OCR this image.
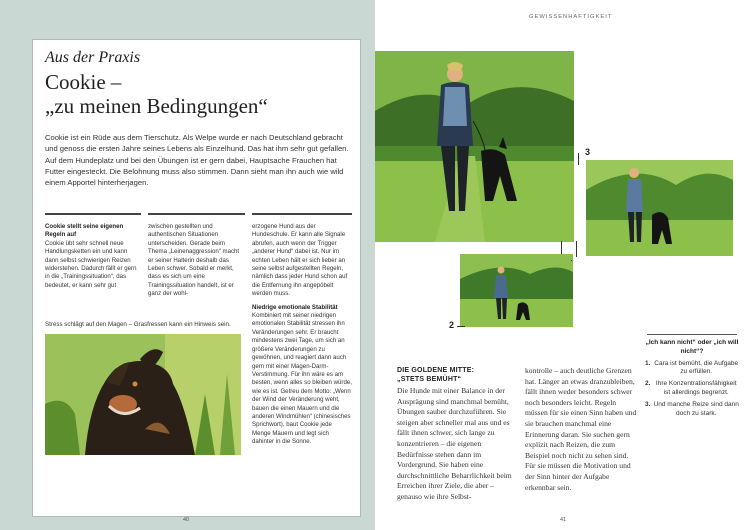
Aus der Praxis
Cookie –
„zu meinen Bedingungen“
Cookie ist ein Rüde aus dem Tierschutz. Als Welpe wurde er nach Deutschland gebracht und genoss die ersten Jahre seines Lebens als Einzelhund. Das hat ihm sehr gut gefallen. Auf dem Hundeplatz und bei den Übungen ist er gern dabei, Hauptsache Frauchen hat Futter eingesteckt. Die Belohnung muss also stimmen. Dann sieht man ihn auch wie wild einem Apportel hinterherjagen.
Cookie stellt seine eigenen Regeln auf
Cookie übt sehr schnell neue Handlungsketten ein und kann dann selbst schwierigen Reizen widerstehen. Dadurch fällt er gern in die „Trainingssituation“, das bedeutet, er kann sehr gut
zwischen gestellten und authentischen Situationen unterscheiden. Gerade beim Thema „Leinenaggression“ macht er seiner Halterin deshalb das Leben schwer. Sobald er merkt, dass es sich um eine Trainingssituation handelt, ist er ganz der wohl-
erzogene Hund aus der Hundeschule. Er kann alle Signale abrufen, auch wenn der Trigger „anderer Hund“ dabei ist. Nur im echten Leben hält er sich lieber an seine selbst aufgestellten Regeln, nämlich dass jeder Hund schon auf die Entfernung ihn angepöbelt werden muss.
Niedrige emotionale Stabilität
Kombiniert mit seiner niedrigen emotionalen Stabilität stressen ihn Veränderungen sehr. Er braucht mindestens zwei Tage, um sich an größere Veränderungen zu gewöhnen, und reagiert dann auch gern mit einer Magen-Darm-Verstimmung. Für ihn wäre es am besten, wenn alles so bleiben würde, wie es ist. Getreu dem Motto: „Wenn der Wind der Veränderung weht, bauen die einen Mauern und die anderen Windmühlen“ (chinesisches Sprichwort), baut Cookie jede Menge Mauern und legt sich dahinter in die Sonne.
Stress schlägt auf den Magen – Grasfressen kann ein Hinweis sein.
40
GEWISSENHAFTIGKEIT
2
3
„Ich kann nicht“ oder „ich will nicht“?
1. Cara ist bemüht, die Aufgabe zu erfüllen.
2. Ihre Konzentrationsfähigkeit ist allerdings begrenzt.
3. Und manche Reize sind dann doch zu stark.
DIE GOLDENE MITTE:
„STETS BEMÜHT“
Die Hunde mit einer Balance in der Ausprägung sind manchmal bemüht, Übungen sauber durchzuführen. Sie steigen aber schneller mal aus und es fällt ihnen schwer, sich lange zu konzentrieren – die eigenen Bedürfnisse stehen dann im Vordergrund. Sie haben eine durchschnittliche Beharrlichkeit beim Erreichen ihrer Ziele, die aber – genauso wie ihre Selbst-
kontrolle – auch deutliche Grenzen hat. Länger an etwas dranzubleiben, fällt ihnen weder besonders schwer noch besonders leicht. Regeln müssen für sie einen Sinn haben und sie brauchen manchmal eine Erinnerung daran. Sie suchen gern explizit nach Reizen, die zum Beispiel noch nicht zu sehen sind. Für sie müssen die Motivation und der Sinn hinter der Aufgabe erkennbar sein.
41
